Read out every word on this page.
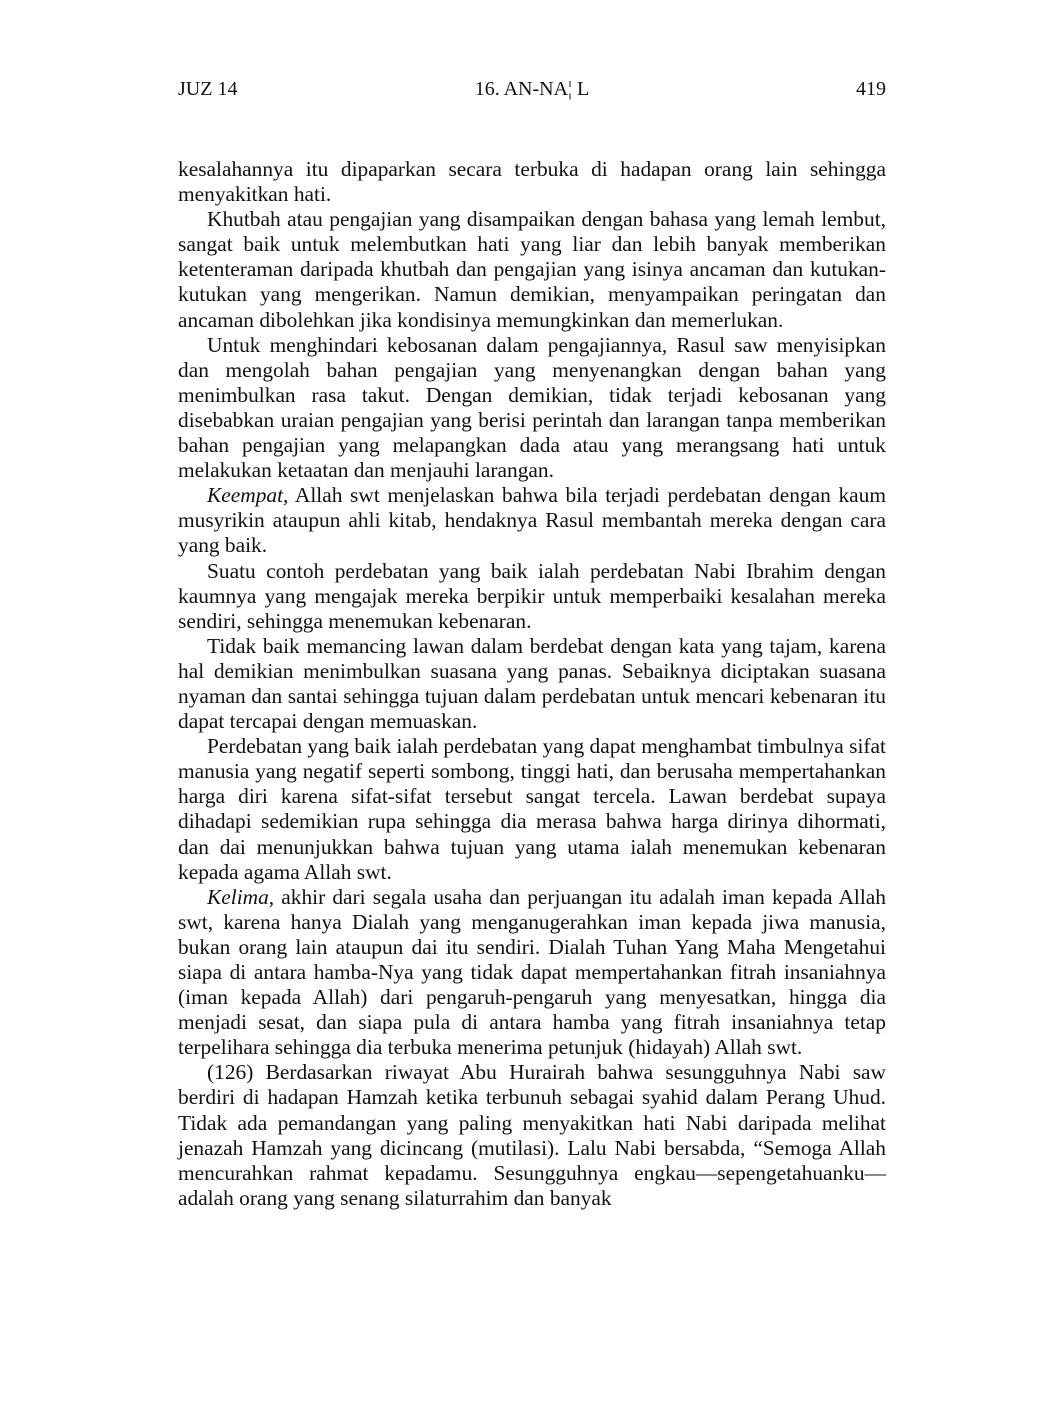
JUZ 14	16. AN-NA¦ L	419

kesalahannya itu dipaparkan secara terbuka di hadapan orang lain sehingga menyakitkan hati.

Khutbah atau pengajian yang disampaikan dengan bahasa yang lemah lembut, sangat baik untuk melembutkan hati yang liar dan lebih banyak memberikan ketenteraman daripada khutbah dan pengajian yang isinya ancaman dan kutukan-kutukan yang mengerikan. Namun demikian, menyampaikan peringatan dan ancaman dibolehkan jika kondisinya memungkinkan dan memerlukan.

Untuk menghindari kebosanan dalam pengajiannya, Rasul saw menyisipkan dan mengolah bahan pengajian yang menyenangkan dengan bahan yang menimbulkan rasa takut. Dengan demikian, tidak terjadi kebosanan yang disebabkan uraian pengajian yang berisi perintah dan larangan tanpa memberikan bahan pengajian yang melapangkan dada atau yang merangsang hati untuk melakukan ketaatan dan menjauhi larangan.

Keempat, Allah swt menjelaskan bahwa bila terjadi perdebatan dengan kaum musyrikin ataupun ahli kitab, hendaknya Rasul membantah mereka dengan cara yang baik.

Suatu contoh perdebatan yang baik ialah perdebatan Nabi Ibrahim dengan kaumnya yang mengajak mereka berpikir untuk memperbaiki kesalahan mereka sendiri, sehingga menemukan kebenaran.

Tidak baik memancing lawan dalam berdebat dengan kata yang tajam, karena hal demikian menimbulkan suasana yang panas. Sebaiknya diciptakan suasana nyaman dan santai sehingga tujuan dalam perdebatan untuk mencari kebenaran itu dapat tercapai dengan memuaskan.

Perdebatan yang baik ialah perdebatan yang dapat menghambat timbulnya sifat manusia yang negatif seperti sombong, tinggi hati, dan berusaha mempertahankan harga diri karena sifat-sifat tersebut sangat tercela. Lawan berdebat supaya dihadapi sedemikian rupa sehingga dia merasa bahwa harga dirinya dihormati, dan dai menunjukkan bahwa tujuan yang utama ialah menemukan kebenaran kepada agama Allah swt.

Kelima, akhir dari segala usaha dan perjuangan itu adalah iman kepada Allah swt, karena hanya Dialah yang menganugerahkan iman kepada jiwa manusia, bukan orang lain ataupun dai itu sendiri. Dialah Tuhan Yang Maha Mengetahui siapa di antara hamba-Nya yang tidak dapat mempertahankan fitrah insaniahnya (iman kepada Allah) dari pengaruh-pengaruh yang menyesatkan, hingga dia menjadi sesat, dan siapa pula di antara hamba yang fitrah insaniahnya tetap terpelihara sehingga dia terbuka menerima petunjuk (hidayah) Allah swt.

(126) Berdasarkan riwayat Abu Hurairah bahwa sesungguhnya Nabi saw berdiri di hadapan Hamzah ketika terbunuh sebagai syahid dalam Perang Uhud. Tidak ada pemandangan yang paling menyakitkan hati Nabi daripada melihat jenazah Hamzah yang dicincang (mutilasi). Lalu Nabi bersabda, “Semoga Allah mencurahkan rahmat kepadamu. Sesungguhnya engkau—sepengetahuanku—adalah orang yang senang silaturrahim dan banyak
